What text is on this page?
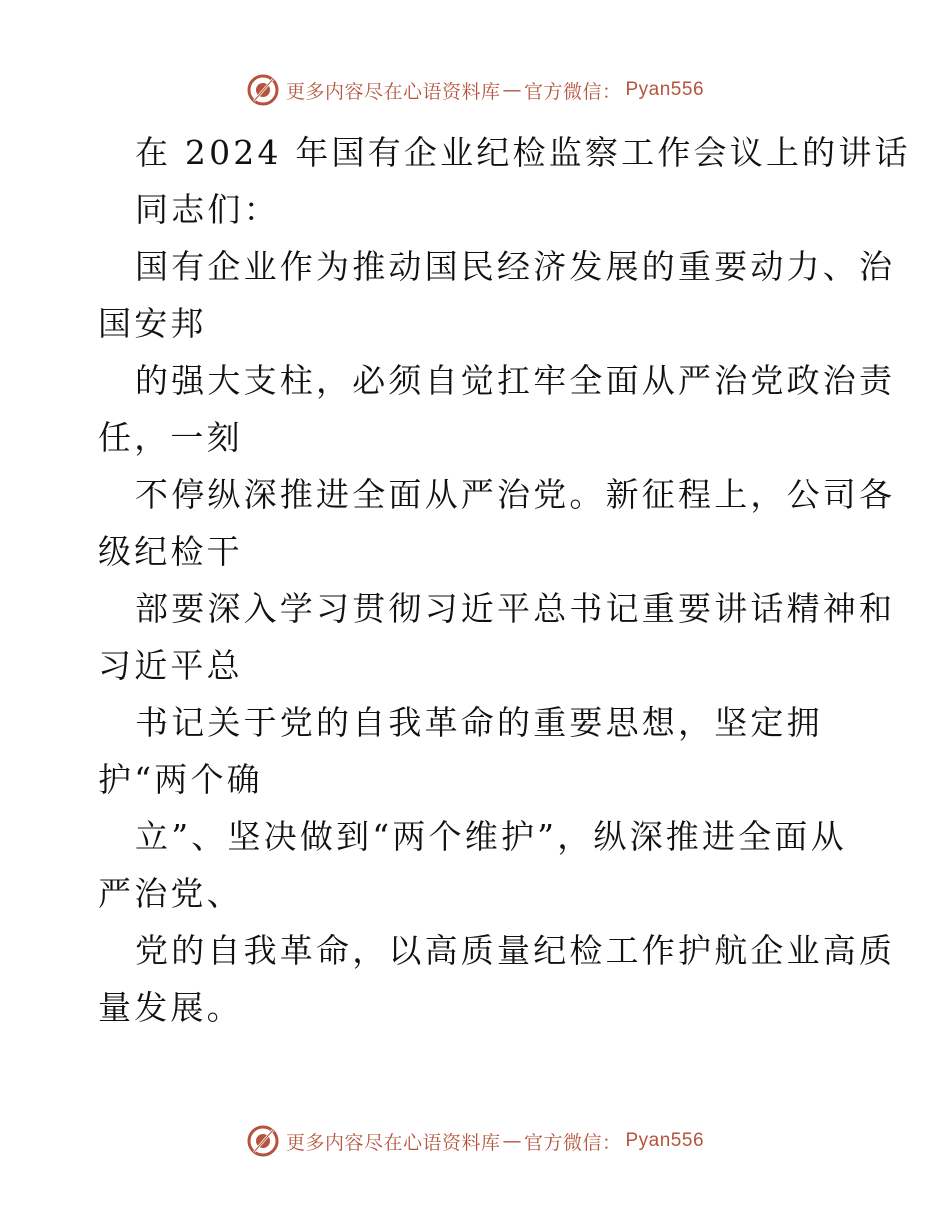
更多内容尽在心语资料库 — 官方微信： Pyan556
在 2024 年国有企业纪检监察工作会议上的讲话
同志们：
国有企业作为推动国民经济发展的重要动力、治
国安邦
的强大支柱，必须自觉扛牢全面从严治党政治责
任，一刻
不停纵深推进全面从严治党。新征程上，公司各
级纪检干
部要深入学习贯彻习近平总书记重要讲话精神和
习近平总
书记关于党的自我革命的重要思想，坚定拥
护“两个确
立”、坚决做到“两个维护”，纵深推进全面从
严治党、
党的自我革命，以高质量纪检工作护航企业高质
量发展。
更多内容尽在心语资料库 — 官方微信： Pyan556
